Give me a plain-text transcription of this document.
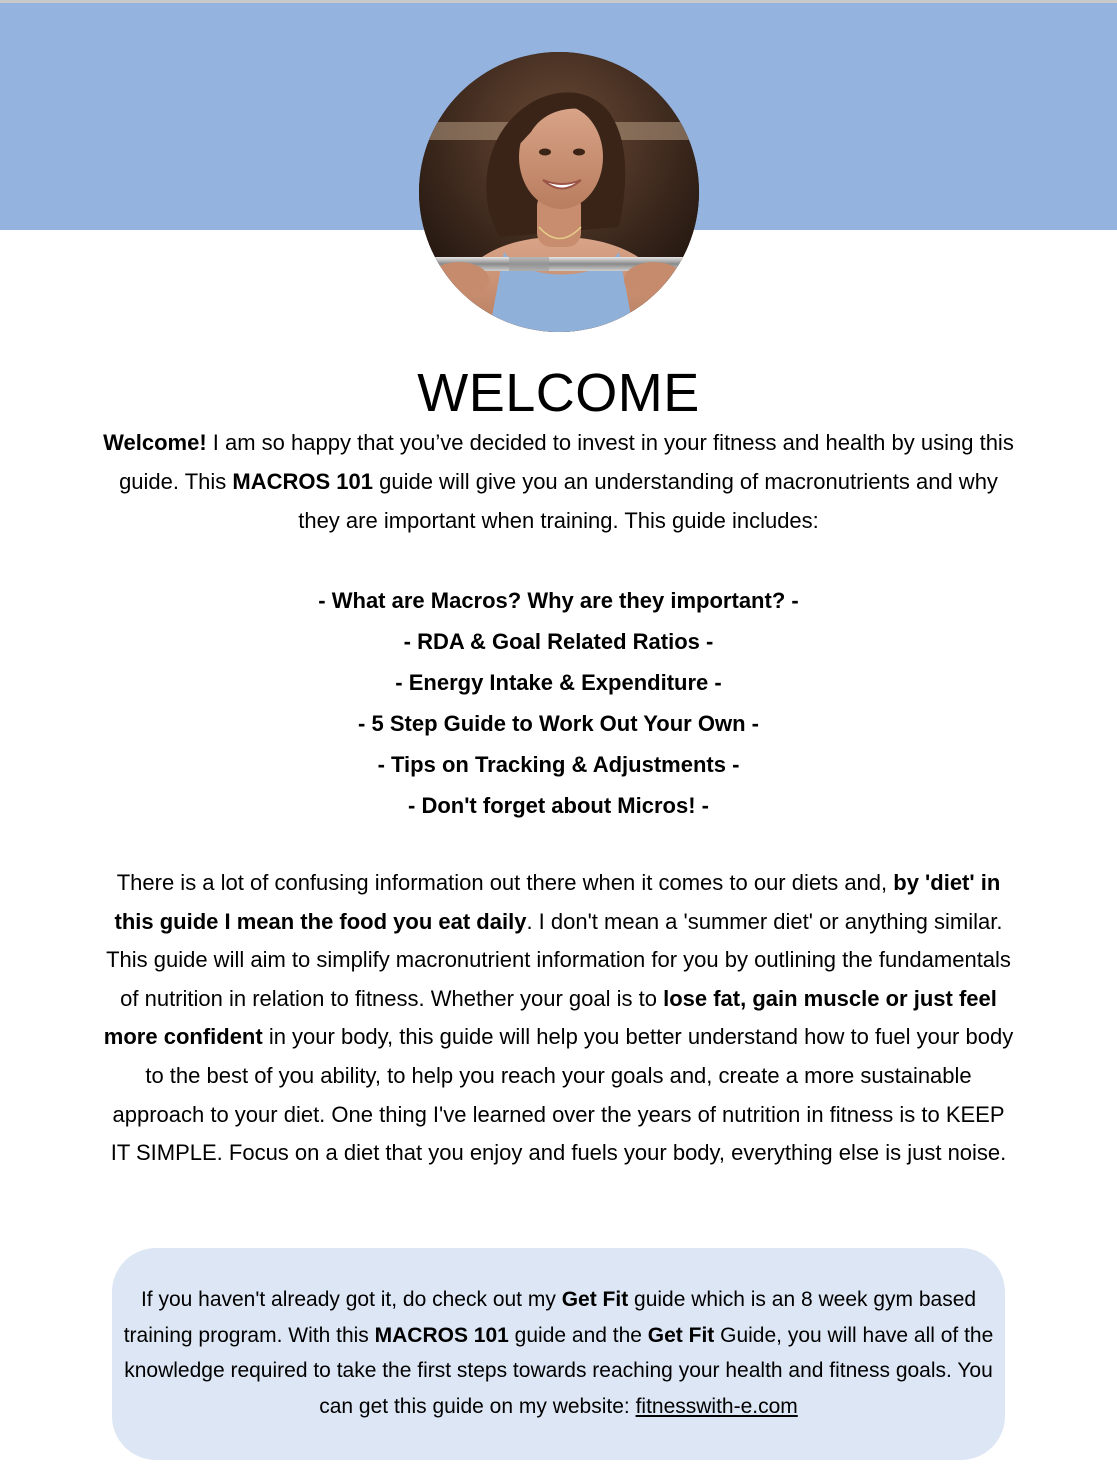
WELCOME

Welcome! I am so happy that you’ve decided to invest in your fitness and health by using this guide. This MACROS 101 guide will give you an understanding of macronutrients and why they are important when training. This guide includes:

- What are Macros? Why are they important? -
- RDA & Goal Related Ratios -
- Energy Intake & Expenditure -
- 5 Step Guide to Work Out Your Own -
- Tips on Tracking & Adjustments -
- Don't forget about Micros! -

There is a lot of confusing information out there when it comes to our diets and, by 'diet' in this guide I mean the food you eat daily. I don't mean a 'summer diet' or anything similar. This guide will aim to simplify macronutrient information for you by outlining the fundamentals of nutrition in relation to fitness. Whether your goal is to lose fat, gain muscle or just feel more confident in your body, this guide will help you better understand how to fuel your body to the best of you ability, to help you reach your goals and, create a more sustainable approach to your diet. One thing I've learned over the years of nutrition in fitness is to KEEP IT SIMPLE. Focus on a diet that you enjoy and fuels your body, everything else is just noise.

If you haven't already got it, do check out my Get Fit guide which is an 8 week gym based training program. With this MACROS 101 guide and the Get Fit Guide, you will have all of the knowledge required to take the first steps towards reaching your health and fitness goals. You can get this guide on my website: fitnesswith-e.com
